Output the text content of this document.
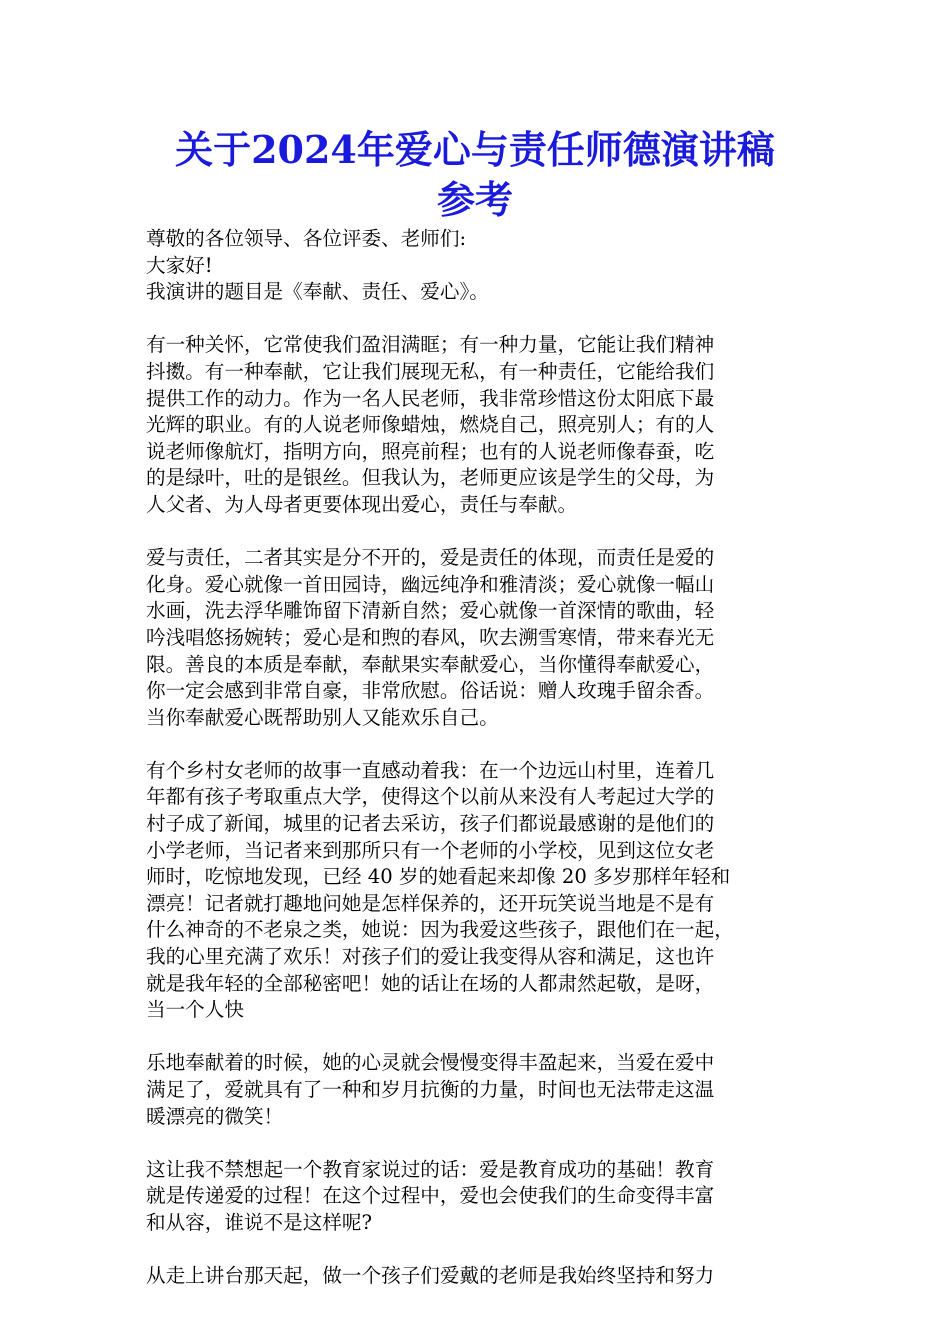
关于2024年爱心与责任师德演讲稿
参考
尊敬的各位领导、各位评委、老师们:
大家好!
我演讲的题目是《奉献、责任、爱心》。
有一种关怀，它常使我们盈泪满眶；有一种力量，它能让我们精神
抖擞。有一种奉献，它让我们展现无私，有一种责任，它能给我们
提供工作的动力。作为一名人民老师，我非常珍惜这份太阳底下最
光辉的职业。有的人说老师像蜡烛，燃烧自己，照亮别人；有的人
说老师像航灯，指明方向，照亮前程；也有的人说老师像春蚕，吃
的是绿叶，吐的是银丝。但我认为，老师更应该是学生的父母，为
人父者、为人母者更要体现出爱心，责任与奉献。
爱与责任，二者其实是分不开的，爱是责任的体现，而责任是爱的
化身。爱心就像一首田园诗，幽远纯净和雅清淡；爱心就像一幅山
水画，洗去浮华雕饰留下清新自然；爱心就像一首深情的歌曲，轻
吟浅唱悠扬婉转；爱心是和煦的春风，吹去溯雪寒情，带来春光无
限。善良的本质是奉献，奉献果实奉献爱心，当你懂得奉献爱心，
你一定会感到非常自豪，非常欣慰。俗话说：赠人玫瑰手留余香。
当你奉献爱心既帮助别人又能欢乐自己。
有个乡村女老师的故事一直感动着我：在一个边远山村里，连着几
年都有孩子考取重点大学，使得这个以前从来没有人考起过大学的
村子成了新闻，城里的记者去采访，孩子们都说最感谢的是他们的
小学老师，当记者来到那所只有一个老师的小学校，见到这位女老
师时，吃惊地发现，已经 40 岁的她看起来却像 20 多岁那样年轻和
漂亮！记者就打趣地问她是怎样保养的，还开玩笑说当地是不是有
什么神奇的不老泉之类，她说：因为我爱这些孩子，跟他们在一起，
我的心里充满了欢乐！对孩子们的爱让我变得从容和满足，这也许
就是我年轻的全部秘密吧！她的话让在场的人都肃然起敬，是呀，
当一个人快
乐地奉献着的时候，她的心灵就会慢慢变得丰盈起来，当爱在爱中
满足了，爱就具有了一种和岁月抗衡的力量，时间也无法带走这温
暖漂亮的微笑！
这让我不禁想起一个教育家说过的话：爱是教育成功的基础！教育
就是传递爱的过程！在这个过程中，爱也会使我们的生命变得丰富
和从容，谁说不是这样呢?
从走上讲台那天起，做一个孩子们爱戴的老师是我始终坚持和努力
